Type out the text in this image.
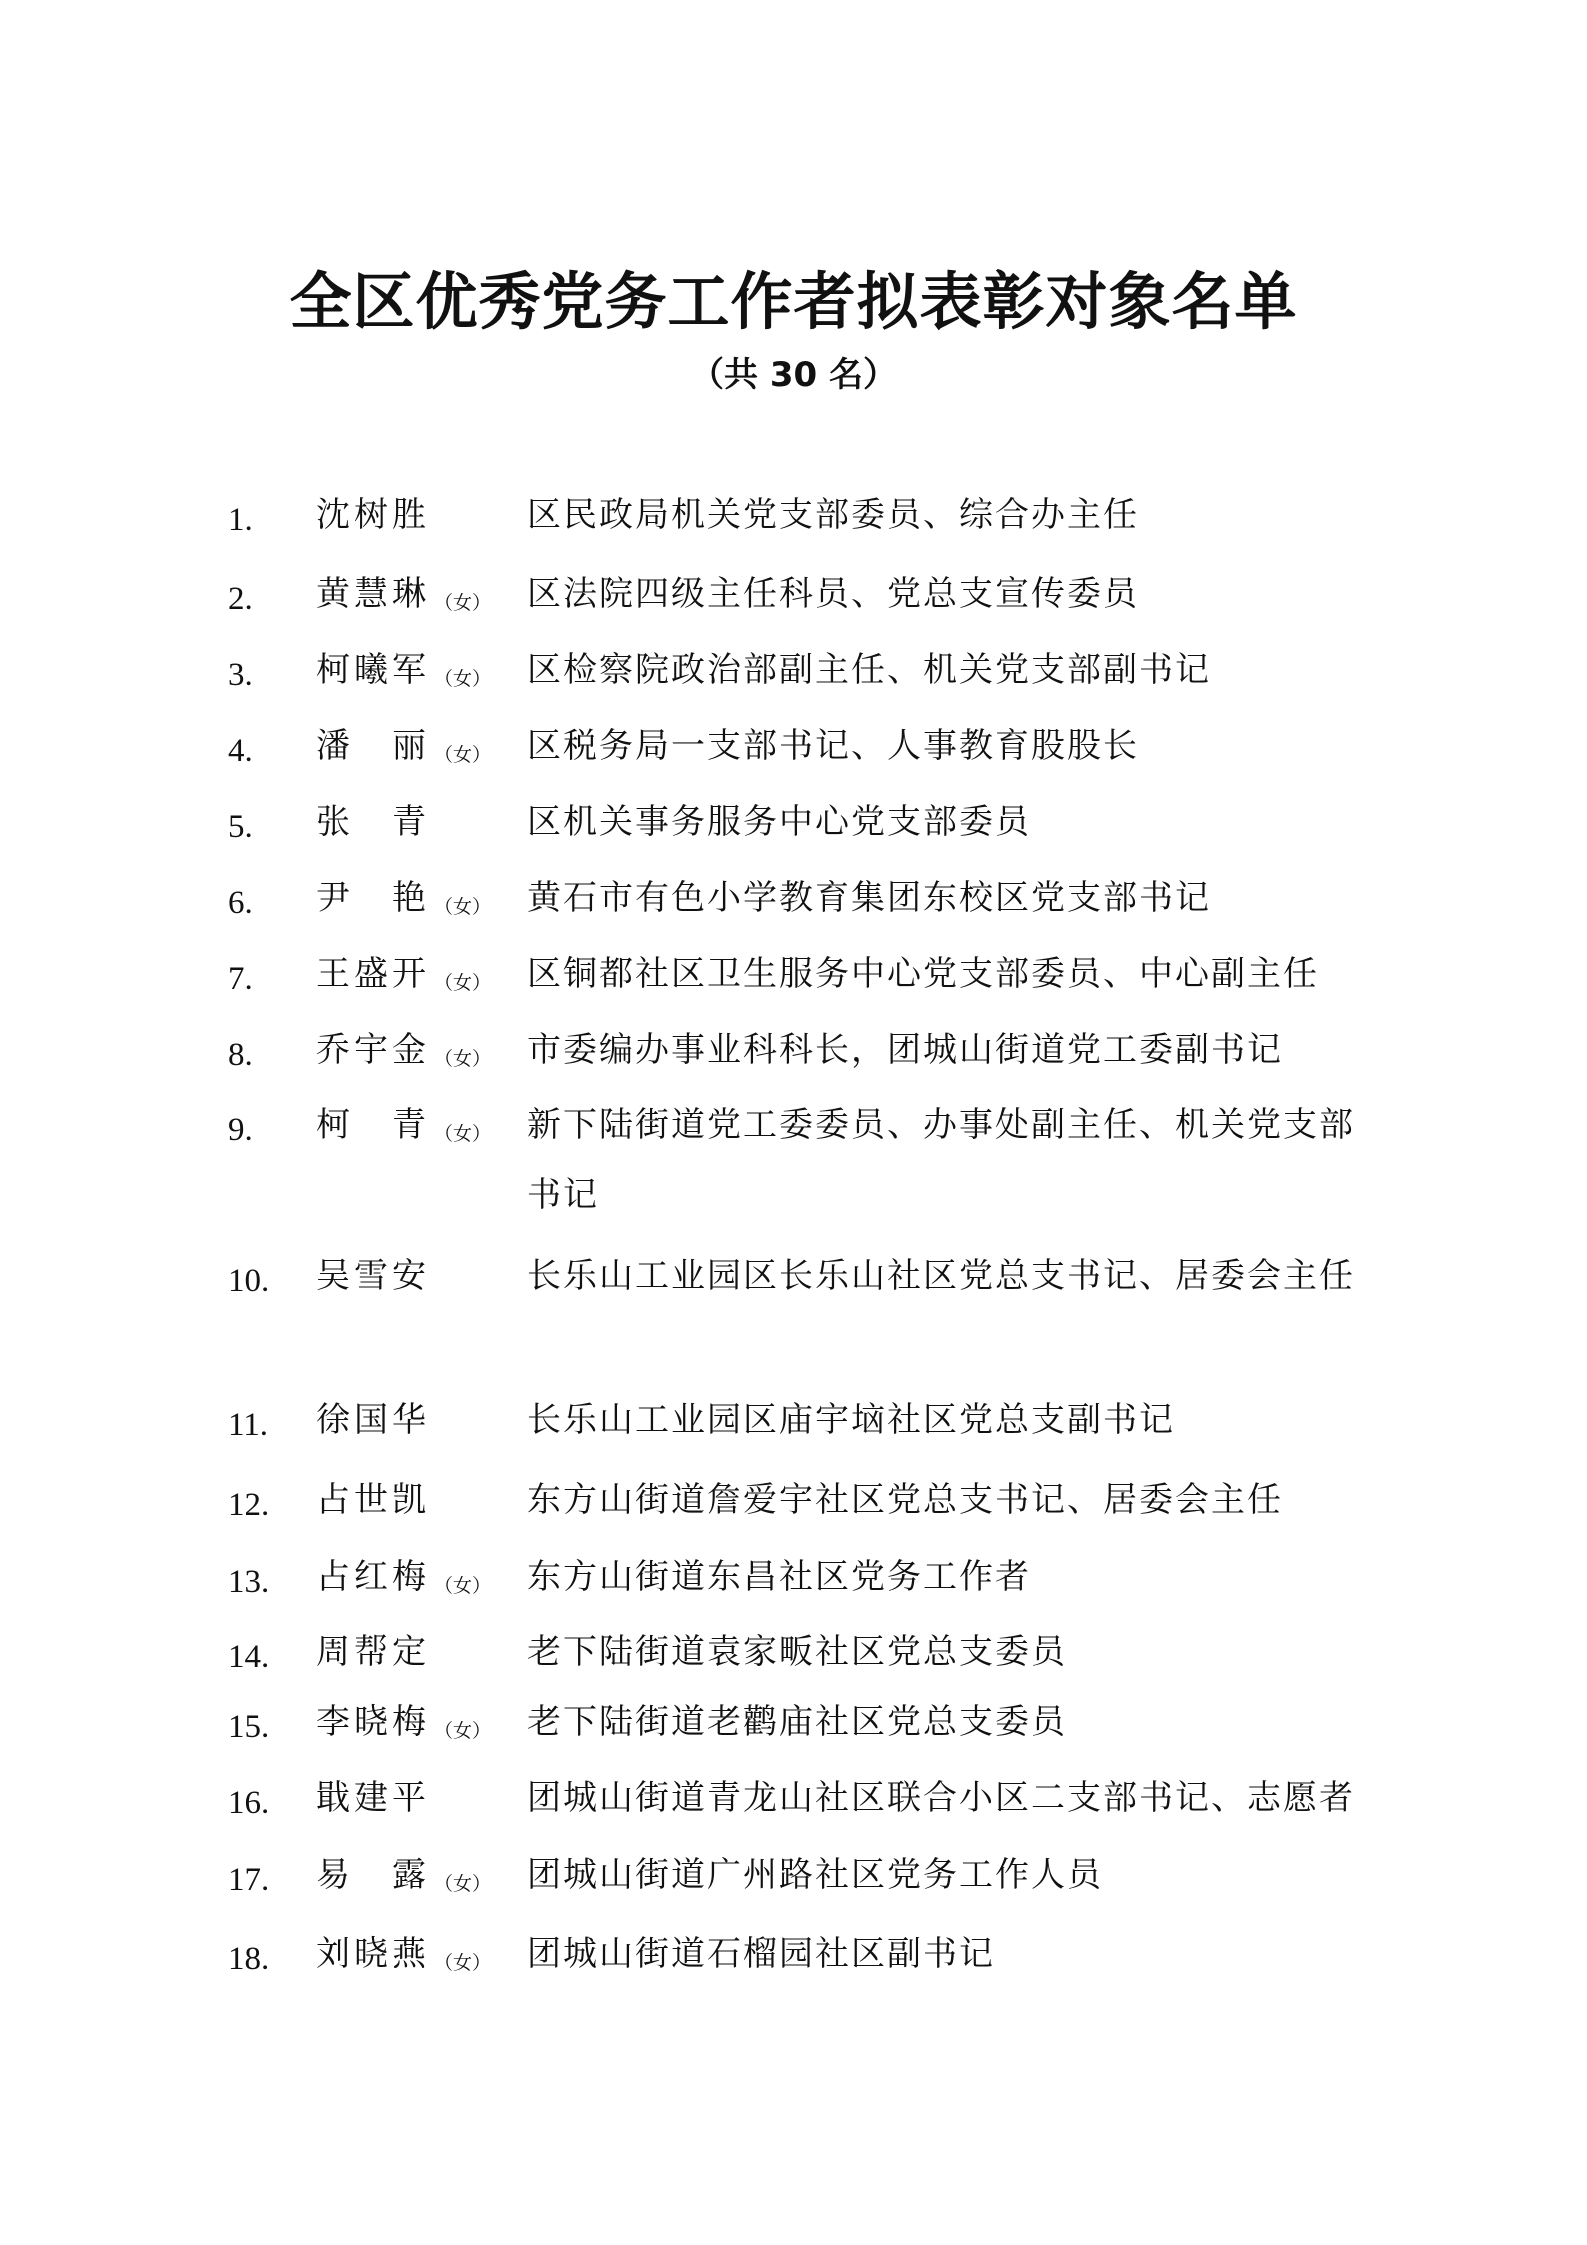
全区优秀党务工作者拟表彰对象名单
（共 30 名）
1.	沈树胜	区民政局机关党支部委员、综合办主任
2.	黄慧琳 （女）	区法院四级主任科员、党总支宣传委员
3.	柯曦军 （女）	区检察院政治部副主任、机关党支部副书记
4.	潘　丽 （女）	区税务局一支部书记、人事教育股股长
5.	张　青	区机关事务服务中心党支部委员
6.	尹　艳 （女）	黄石市有色小学教育集团东校区党支部书记
7.	王盛开 （女）	区铜都社区卫生服务中心党支部委员、中心副主任
8.	乔宇金 （女）	市委编办事业科科长，团城山街道党工委副书记
9.	柯　青 （女）	新下陆街道党工委委员、办事处副主任、机关党支部书记
10.	吴雪安	长乐山工业园区长乐山社区党总支书记、居委会主任
11.	徐国华	长乐山工业园区庙宇垴社区党总支副书记
12.	占世凯	东方山街道詹爱宇社区党总支书记、居委会主任
13.	占红梅 （女）	东方山街道东昌社区党务工作者
14.	周帮定	老下陆街道袁家畈社区党总支委员
15.	李晓梅 （女）	老下陆街道老鹳庙社区党总支委员
16.	戢建平	团城山街道青龙山社区联合小区二支部书记、志愿者
17.	易　露 （女）	团城山街道广州路社区党务工作人员
18.	刘晓燕 （女）	团城山街道石榴园社区副书记
